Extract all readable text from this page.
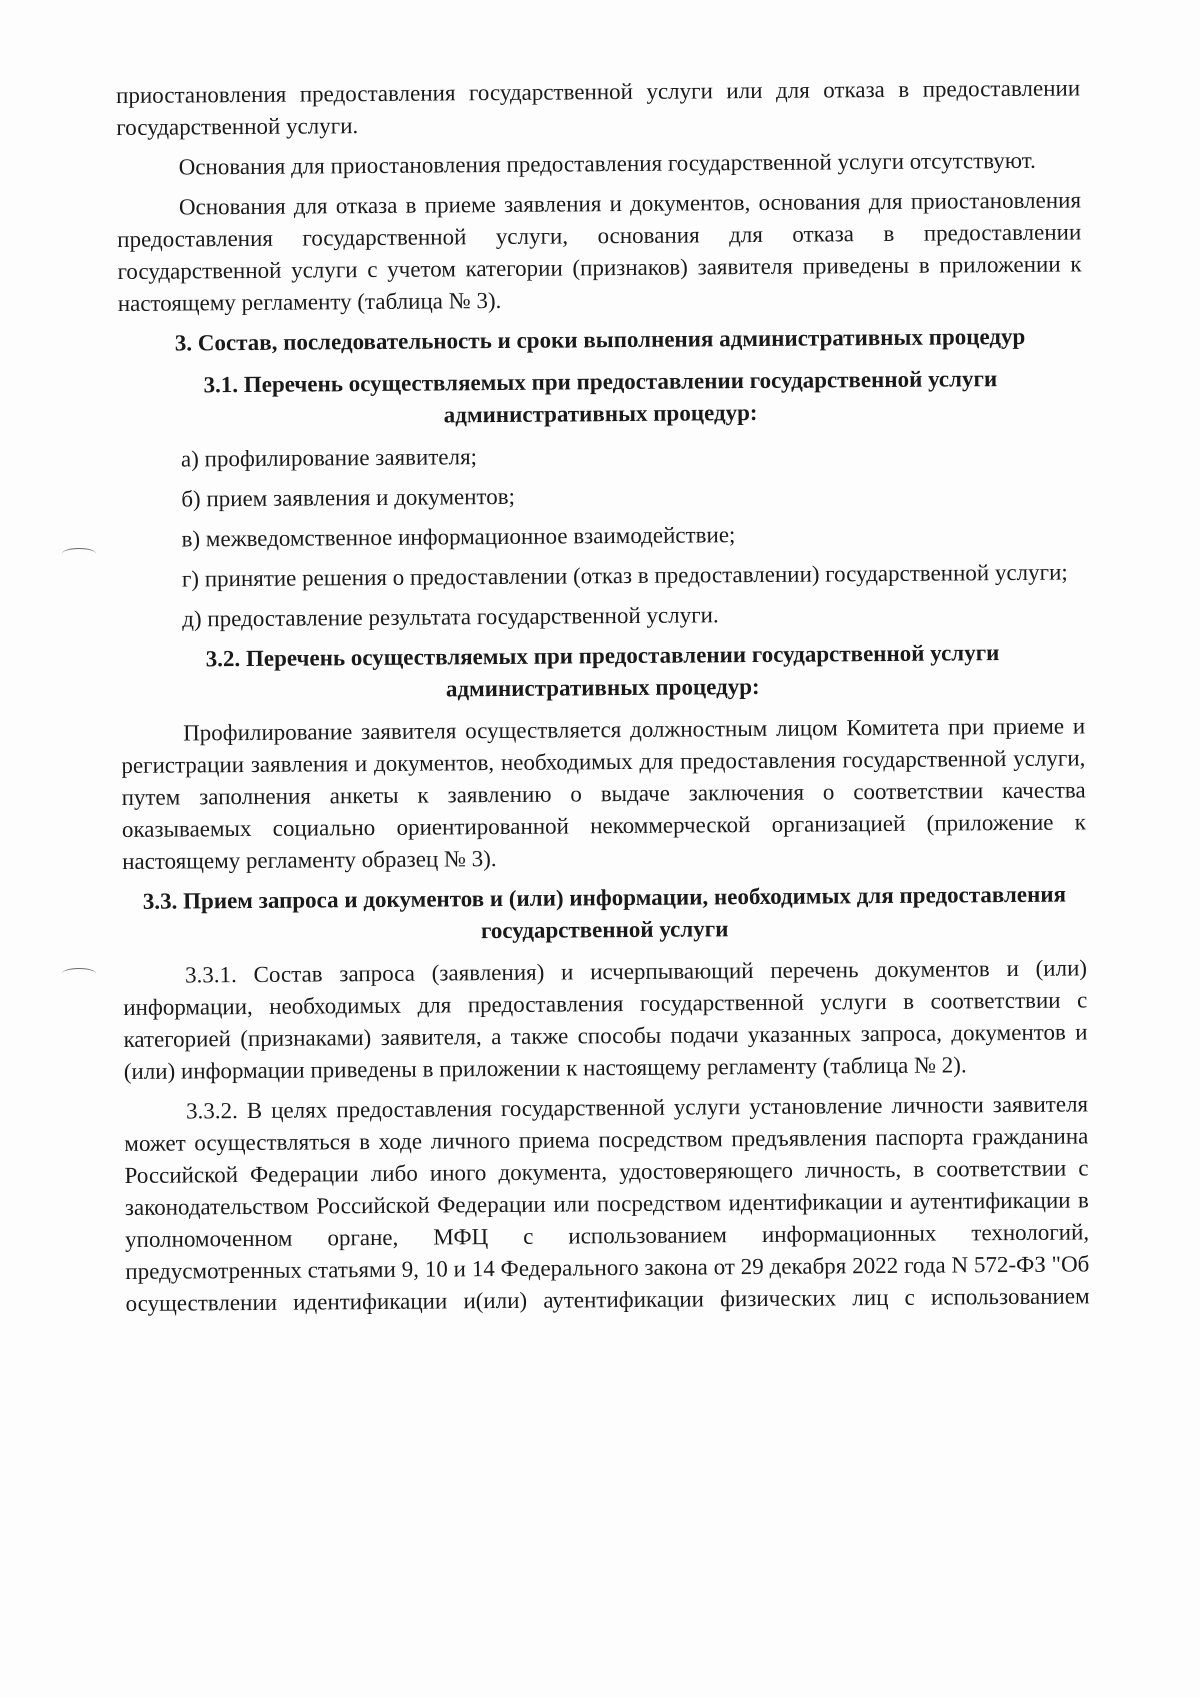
приостановления предоставления государственной услуги или для отказа в предоставлении государственной услуги.

Основания для приостановления предоставления государственной услуги отсутствуют.

Основания для отказа в приеме заявления и документов, основания для приостановления предоставления государственной услуги, основания для отказа в предоставлении государственной услуги с учетом категории (признаков) заявителя приведены в приложении к настоящему регламенту (таблица № 3).

3. Состав, последовательность и сроки выполнения административных процедур
3.1. Перечень осуществляемых при предоставлении государственной услуги административных процедур:

а) профилирование заявителя;

б) прием заявления и документов;

в) межведомственное информационное взаимодействие;

г) принятие решения о предоставлении (отказ в предоставлении) государственной услуги;

д) предоставление результата государственной услуги.

3.2. Перечень осуществляемых при предоставлении государственной услуги административных процедур:

Профилирование заявителя осуществляется должностным лицом Комитета при приеме и регистрации заявления и документов, необходимых для предоставления государственной услуги, путем заполнения анкеты к заявлению о выдаче заключения о соответствии качества оказываемых социально ориентированной некоммерческой организацией (приложение к настоящему регламенту образец № 3).

3.3. Прием запроса и документов и (или) информации, необходимых для предоставления государственной услуги

3.3.1. Состав запроса (заявления) и исчерпывающий перечень документов и (или) информации, необходимых для предоставления государственной услуги в соответствии с категорией (признаками) заявителя, а также способы подачи указанных запроса, документов и (или) информации приведены в приложении к настоящему регламенту (таблица № 2).

3.3.2. В целях предоставления государственной услуги установление личности заявителя может осуществляться в ходе личного приема посредством предъявления паспорта гражданина Российской Федерации либо иного документа, удостоверяющего личность, в соответствии с законодательством Российской Федерации или посредством идентификации и аутентификации в уполномоченном органе, МФЦ с использованием информационных технологий, предусмотренных статьями 9, 10 и 14 Федерального закона от 29 декабря 2022 года N 572-ФЗ "Об осуществлении идентификации и(или) аутентификации физических лиц с использованием
